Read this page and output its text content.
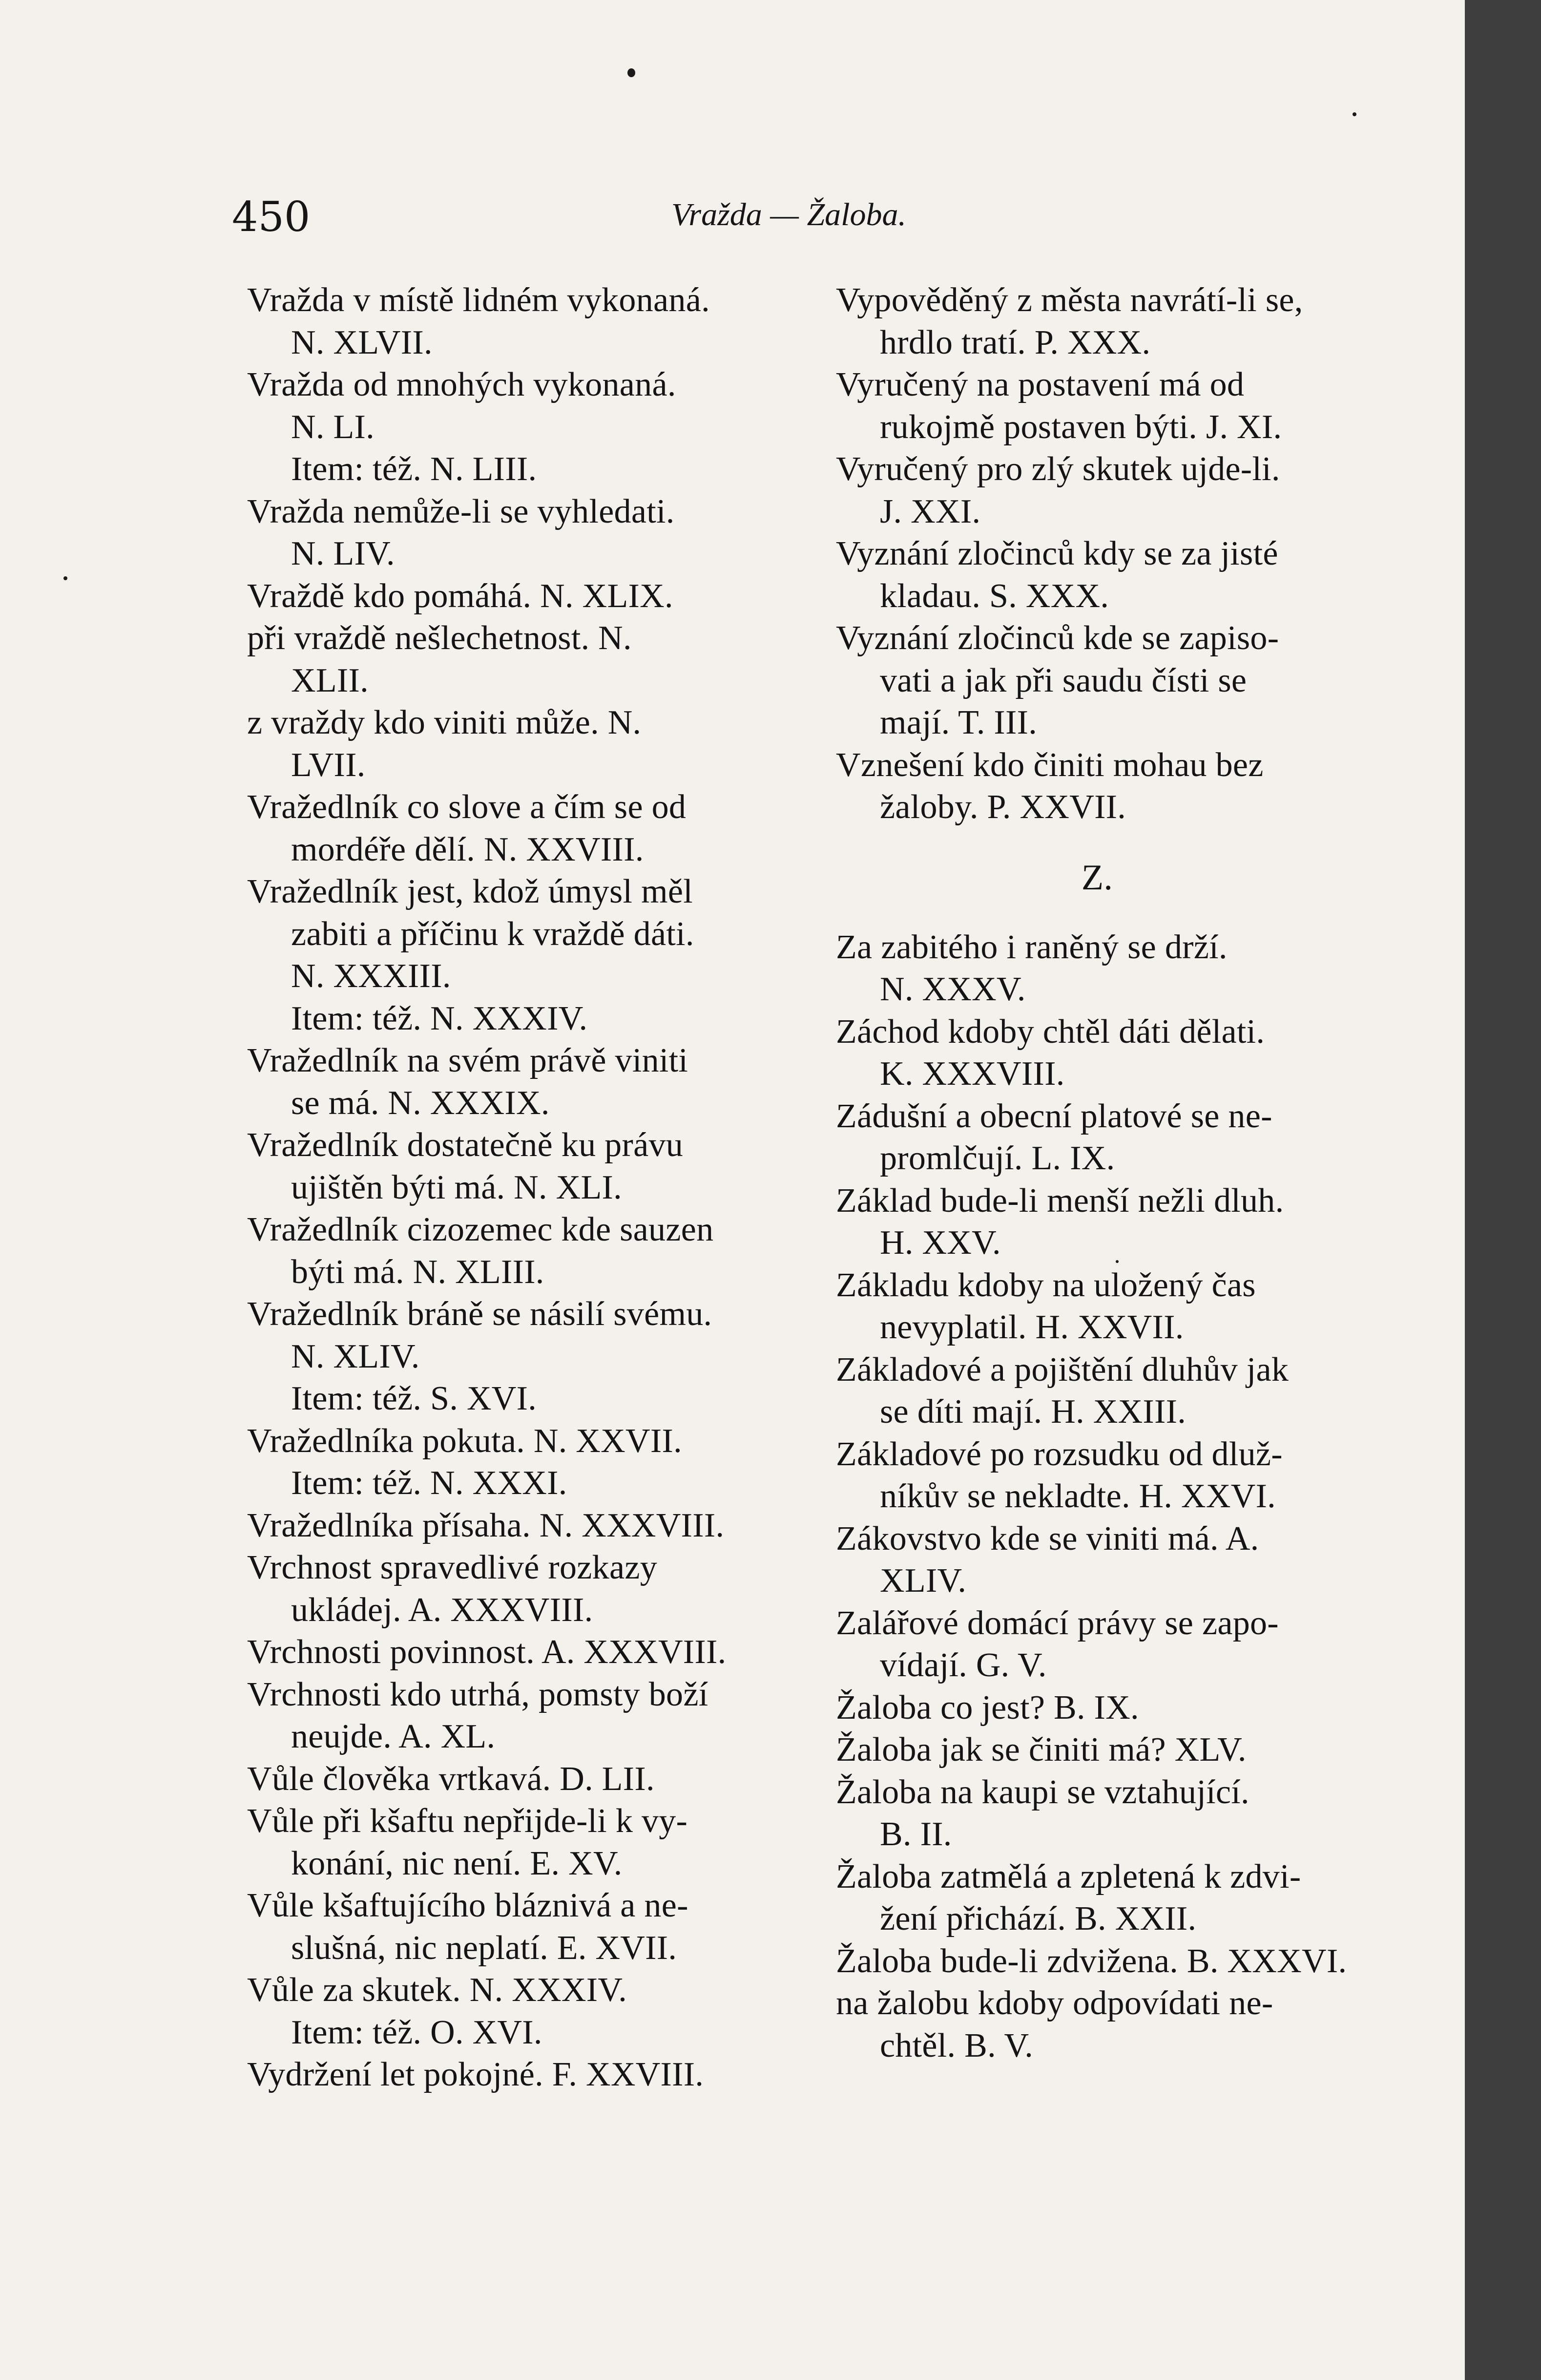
450	Vražda — Žaloba.
Vražda v místě lidném vykonaná.
N. XLVII.
Vražda od mnohých vykonaná.
N. LI.
Item: též. N. LIII.
Vražda nemůže-li se vyhledati.
N. LIV.
Vraždě kdo pomáhá. N. XLIX.
při vraždě nešlechetnost. N.
XLII.
z vraždy kdo viniti může. N.
LVII.
Vražedlník co slove a čím se od
mordéře dělí. N. XXVIII.
Vražedlník jest, kdož úmysl měl
zabiti a příčinu k vraždě dáti.
N. XXXIII.
Item: též. N. XXXIV.
Vražedlník na svém právě viniti
se má. N. XXXIX.
Vražedlník dostatečně ku právu
ujištěn býti má. N. XLI.
Vražedlník cizozemec kde sauzen
býti má. N. XLIII.
Vražedlník bráně se násilí svému.
N. XLIV.
Item: též. S. XVI.
Vražedlníka pokuta. N. XXVII.
Item: též. N. XXXI.
Vražedlníka přísaha. N. XXXVIII.
Vrchnost spravedlivé rozkazy
ukládej. A. XXXVIII.
Vrchnosti povinnost. A. XXXVIII.
Vrchnosti kdo utrhá, pomsty boží
neujde. A. XL.
Vůle člověka vrtkavá. D. LII.
Vůle při kšaftu nepřijde-li k vy-
konání, nic není. E. XV.
Vůle kšaftujícího bláznivá a ne-
slušná, nic neplatí. E. XVII.
Vůle za skutek. N. XXXIV.
Item: též. O. XVI.
Vydržení let pokojné. F. XXVIII.
Vypověděný z města navrátí-li se,
hrdlo tratí. P. XXX.
Vyručený na postavení má od
rukojmě postaven býti. J. XI.
Vyručený pro zlý skutek ujde-li.
J. XXI.
Vyznání zločinců kdy se za jisté
kladau. S. XXX.
Vyznání zločinců kde se zapiso-
vati a jak při saudu čísti se
mají. T. III.
Vznešení kdo činiti mohau bez
žaloby. P. XXVII.
Z.
Za zabitého i raněný se drží.
N. XXXV.
Záchod kdoby chtěl dáti dělati.
K. XXXVIII.
Zádušní a obecní platové se ne-
promlčují. L. IX.
Základ bude-li menší nežli dluh.
H. XXV.
Základu kdoby na uložený čas
nevyplatil. H. XXVII.
Základové a pojištění dluhův jak
se díti mají. H. XXIII.
Základové po rozsudku od dluž-
níkův se nekladte. H. XXVI.
Zákovstvo kde se viniti má. A.
XLIV.
Zalářové domácí právy se zapo-
vídají. G. V.
Žaloba co jest? B. IX.
Žaloba jak se činiti má? XLV.
Žaloba na kaupi se vztahující.
B. II.
Žaloba zatmělá a zpletená k zdvi-
žení přichází. B. XXII.
Žaloba bude-li zdvižena. B. XXXVI.
na žalobu kdoby odpovídati ne-
chtěl. B. V.
